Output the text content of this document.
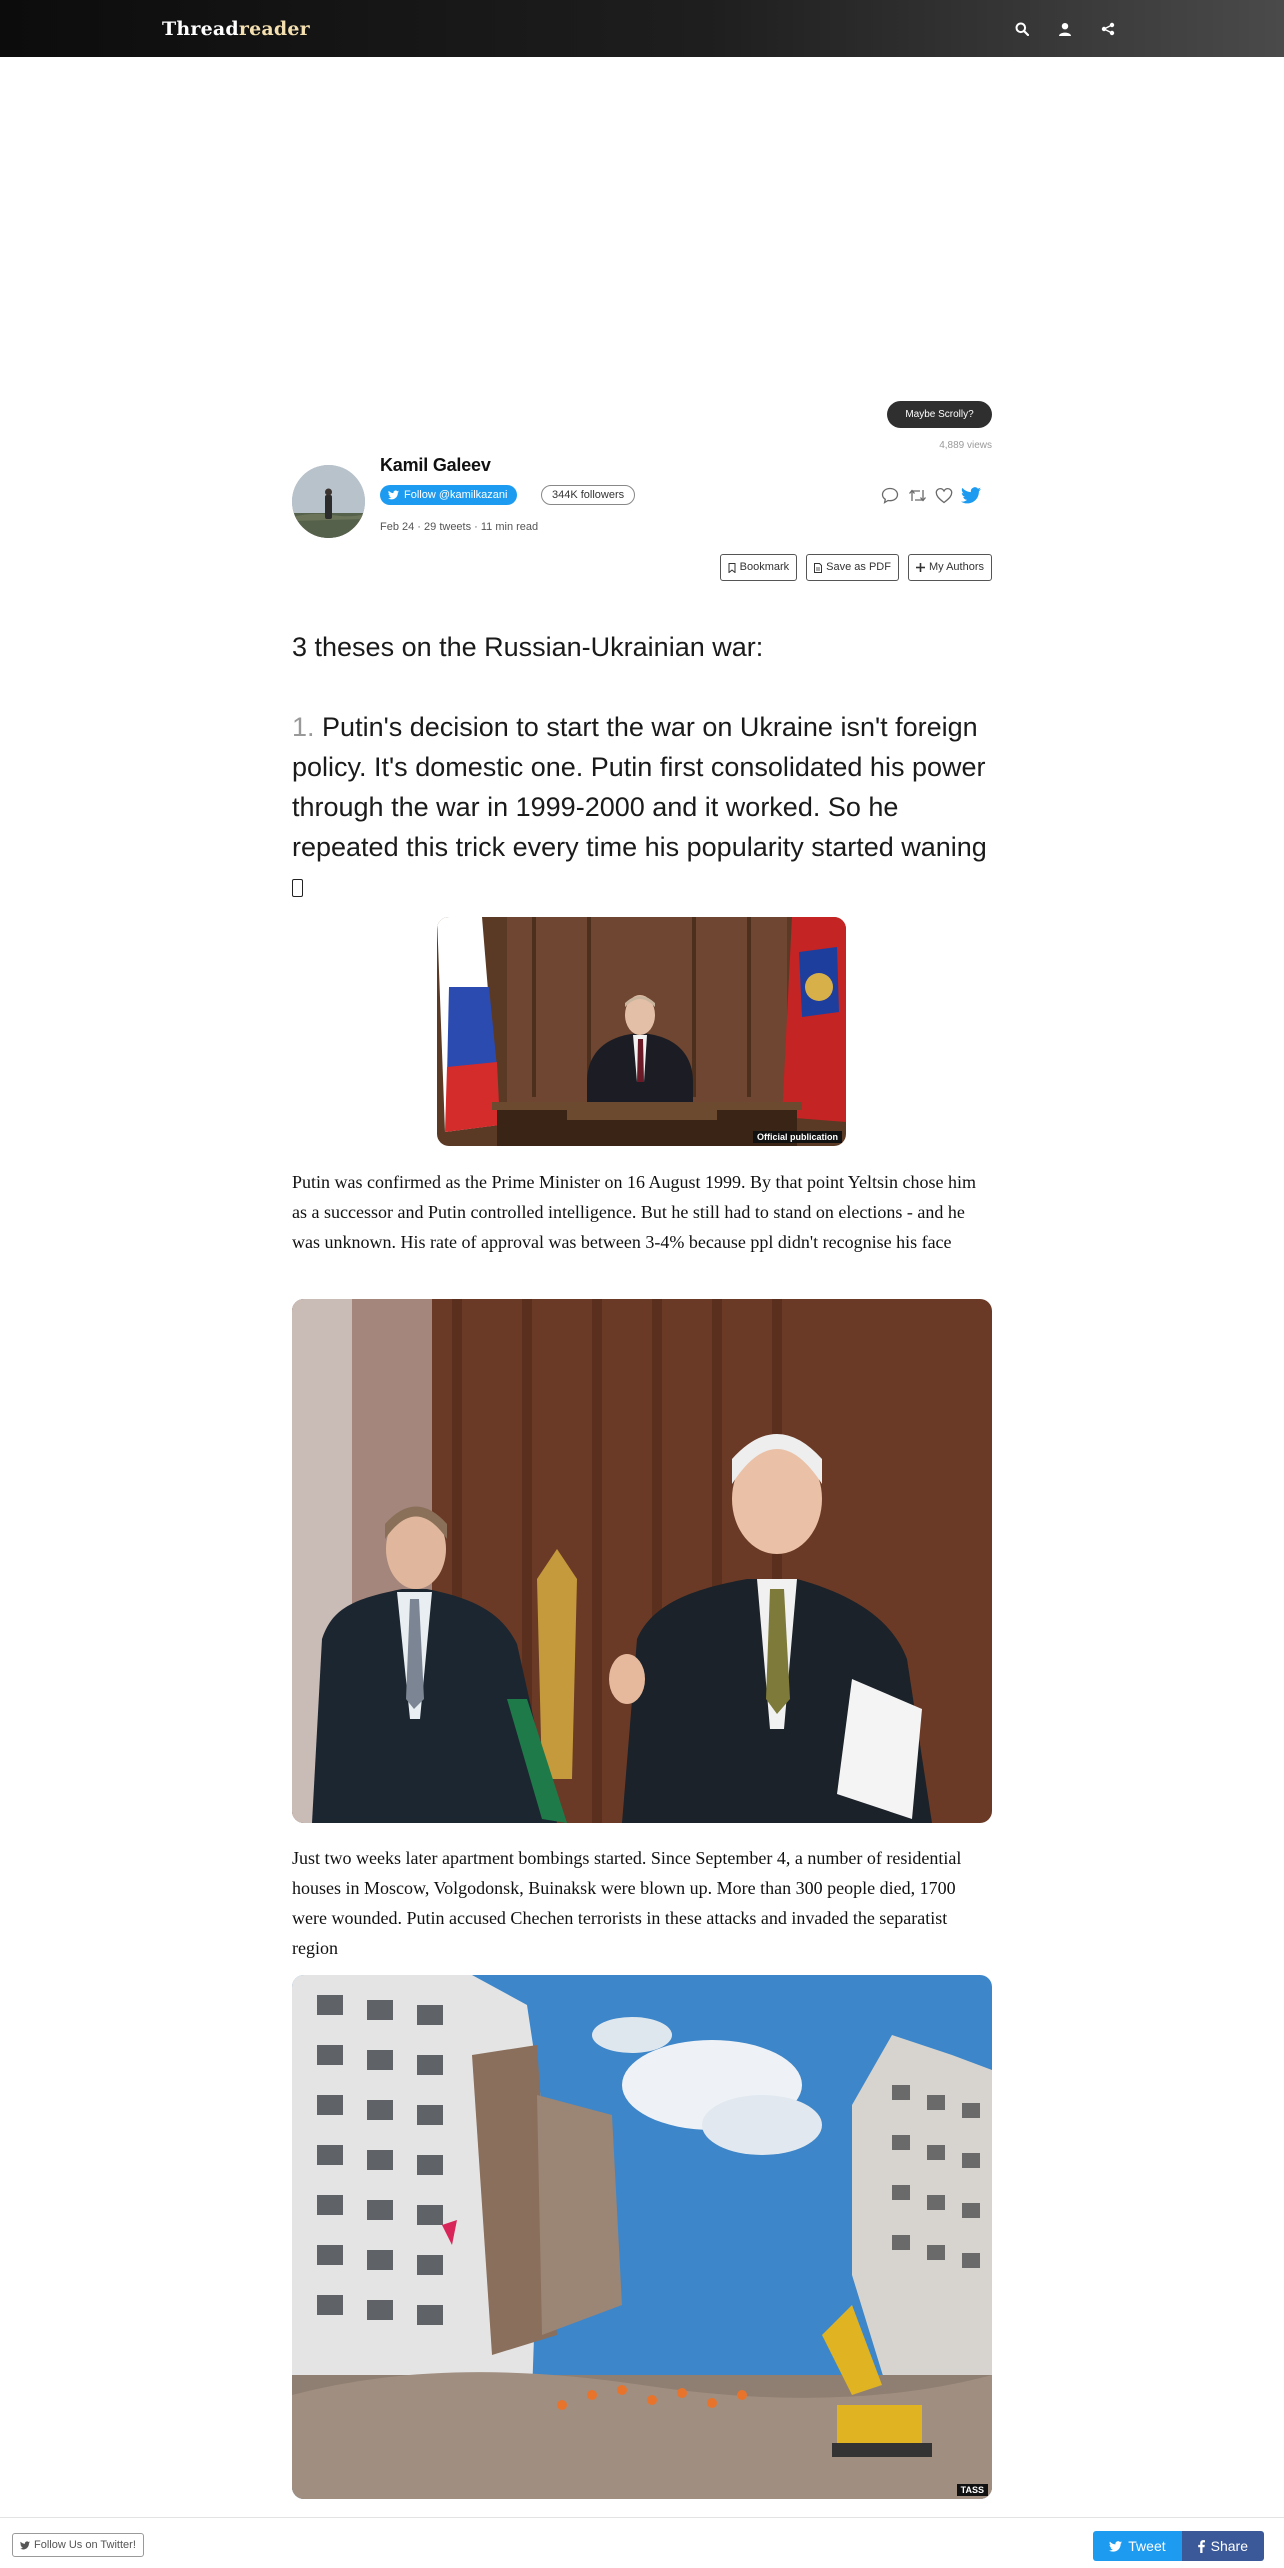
Threadreader
Maybe Scrolly?
4,889 views
Kamil Galeev
Follow @kamilkazani	344K followers
Feb 24 · 29 tweets · 11 min read
Bookmark	Save as PDF	My Authors
3 theses on the Russian-Ukrainian war:
1. Putin's decision to start the war on Ukraine isn't foreign policy. It's domestic one. Putin first consolidated his power through the war in 1999-2000 and it worked. So he repeated this trick every time his popularity started waning

Official publication
Putin was confirmed as the Prime Minister on 16 August 1999. By that point Yeltsin chose him as a successor and Putin controlled intelligence. But he still had to stand on elections - and he was unknown. His rate of approval was between 3-4% because ppl didn't recognise his face
Just two weeks later apartment bombings started. Since September 4, a number of residential houses in Moscow, Volgodonsk, Buinaksk were blown up. More than 300 people died, 1700 were wounded. Putin accused Chechen terrorists in these attacks and invaded the separatist region
TASS
Follow Us on Twitter!	Tweet	Share
